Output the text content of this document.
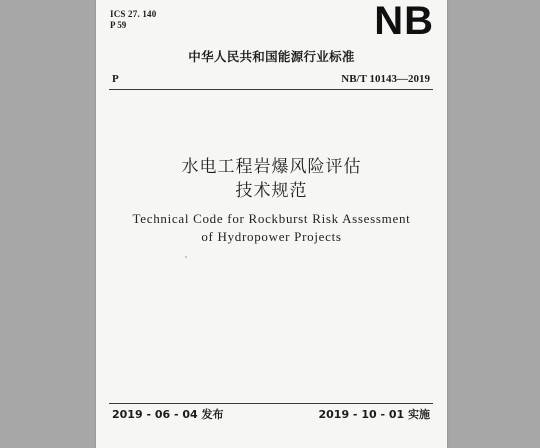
ICS 27. 140

P 59	NB

中华人民共和国能源行业标准

P	NB/T 10143—2019

水电工程岩爆风险评估

技术规范

Technical Code for Rockburst Risk Assessment

of Hydropower Projects

2019 - 06 - 04 发布	2019 - 10 - 01 实施
